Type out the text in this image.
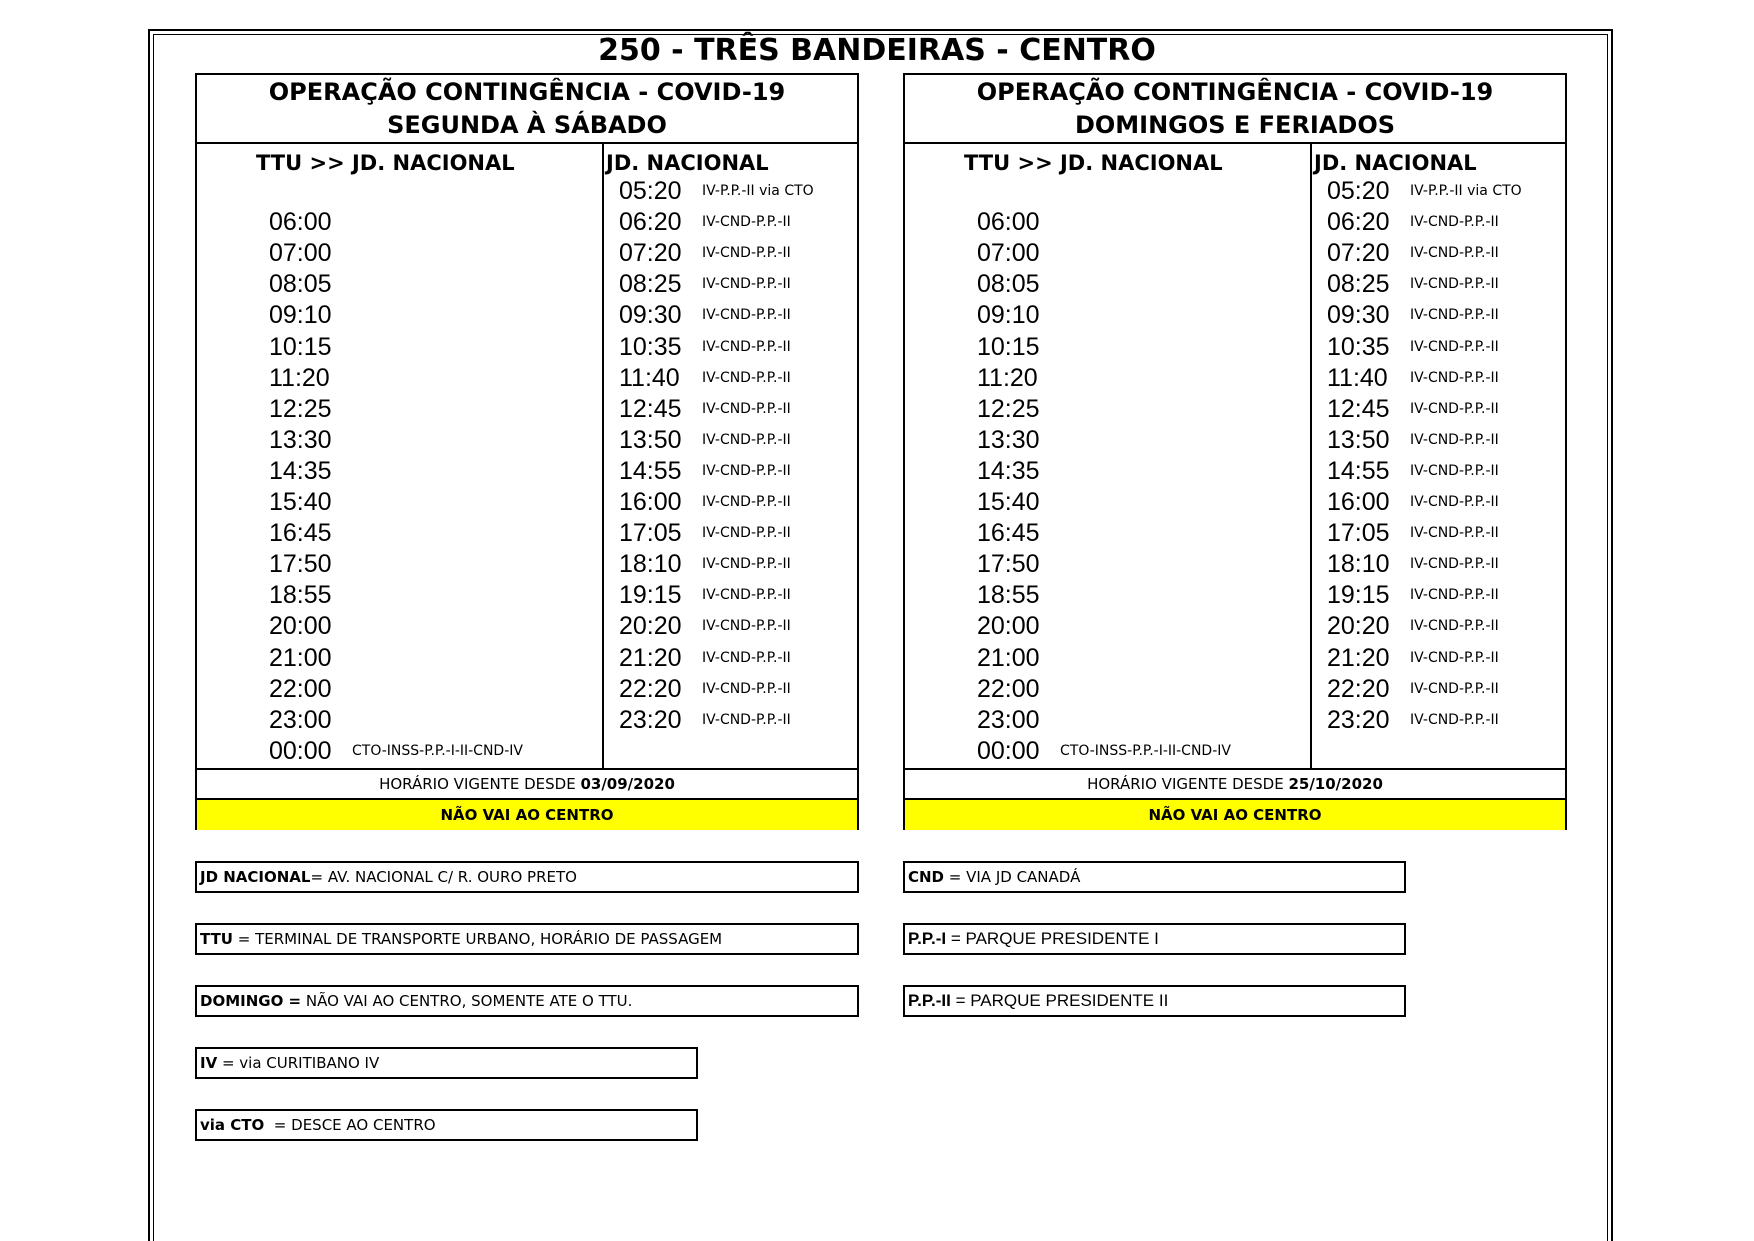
250 - TRÊS BANDEIRAS - CENTRO
OPERAÇÃO CONTINGÊNCIA - COVID-19
SEGUNDA À SÁBADO
TTU >> JD. NACIONAL	JD. NACIONAL
06:00
07:00
08:05
09:10
10:15
11:20
12:25
13:30
14:35
15:40
16:45
17:50
18:55
20:00
21:00
22:00
23:00
00:00 CTO-INSS-P.P.-I-II-CND-IV
05:20 IV-P.P.-II via CTO
06:20 IV-CND-P.P.-II
07:20 IV-CND-P.P.-II
08:25 IV-CND-P.P.-II
09:30 IV-CND-P.P.-II
10:35 IV-CND-P.P.-II
11:40 IV-CND-P.P.-II
12:45 IV-CND-P.P.-II
13:50 IV-CND-P.P.-II
14:55 IV-CND-P.P.-II
16:00 IV-CND-P.P.-II
17:05 IV-CND-P.P.-II
18:10 IV-CND-P.P.-II
19:15 IV-CND-P.P.-II
20:20 IV-CND-P.P.-II
21:20 IV-CND-P.P.-II
22:20 IV-CND-P.P.-II
23:20 IV-CND-P.P.-II
HORÁRIO VIGENTE DESDE 03/09/2020
NÃO VAI AO CENTRO
OPERAÇÃO CONTINGÊNCIA - COVID-19
DOMINGOS E FERIADOS
TTU >> JD. NACIONAL	JD. NACIONAL
06:00
07:00
08:05
09:10
10:15
11:20
12:25
13:30
14:35
15:40
16:45
17:50
18:55
20:00
21:00
22:00
23:00
00:00 CTO-INSS-P.P.-I-II-CND-IV
05:20 IV-P.P.-II via CTO
06:20 IV-CND-P.P.-II
07:20 IV-CND-P.P.-II
08:25 IV-CND-P.P.-II
09:30 IV-CND-P.P.-II
10:35 IV-CND-P.P.-II
11:40 IV-CND-P.P.-II
12:45 IV-CND-P.P.-II
13:50 IV-CND-P.P.-II
14:55 IV-CND-P.P.-II
16:00 IV-CND-P.P.-II
17:05 IV-CND-P.P.-II
18:10 IV-CND-P.P.-II
19:15 IV-CND-P.P.-II
20:20 IV-CND-P.P.-II
21:20 IV-CND-P.P.-II
22:20 IV-CND-P.P.-II
23:20 IV-CND-P.P.-II
HORÁRIO VIGENTE DESDE 25/10/2020
NÃO VAI AO CENTRO
JD NACIONAL= AV. NACIONAL C/ R. OURO PRETO
TTU = TERMINAL DE TRANSPORTE URBANO, HORÁRIO DE PASSAGEM
DOMINGO = NÃO VAI AO CENTRO, SOMENTE ATE O TTU.
IV = via CURITIBANO IV
via CTO  = DESCE AO CENTRO
CND = VIA JD CANADÁ
P.P.-I = PARQUE PRESIDENTE I
P.P.-II = PARQUE PRESIDENTE II
